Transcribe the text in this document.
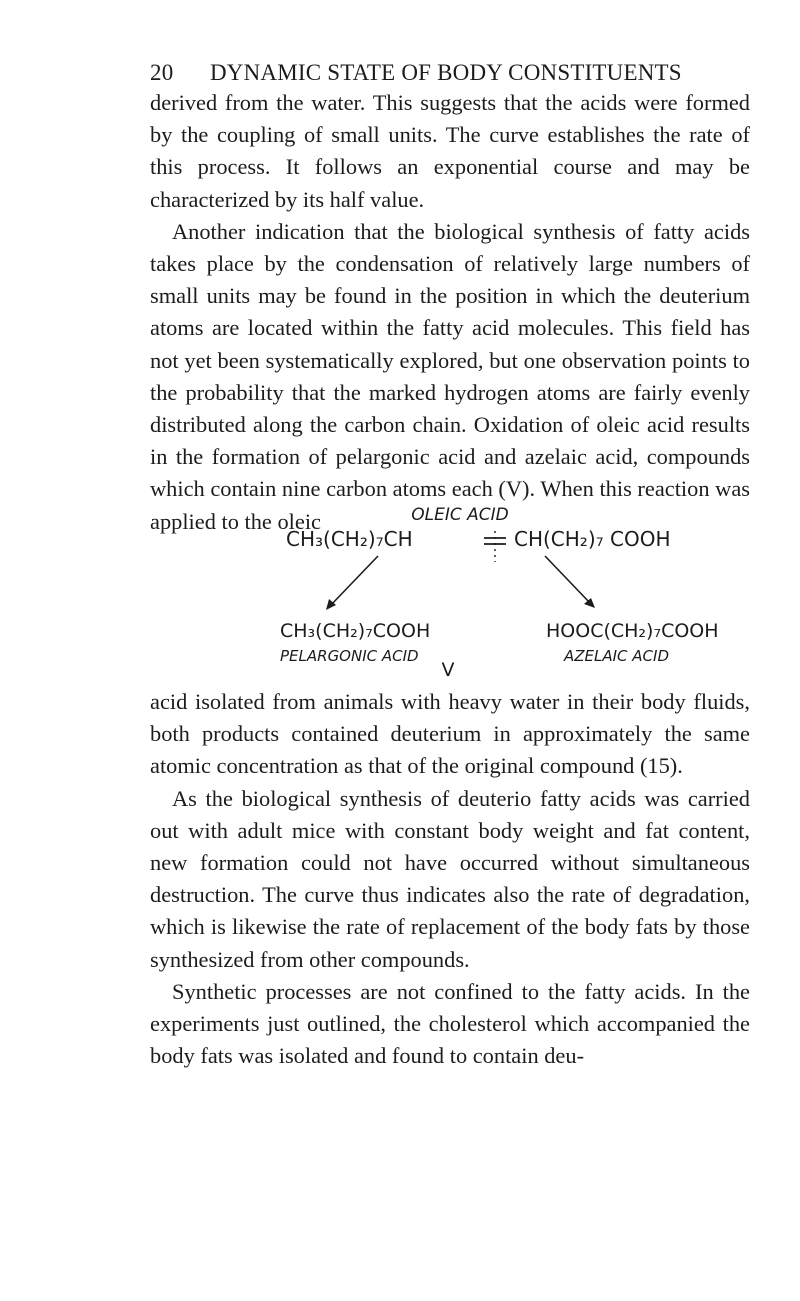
20 DYNAMIC STATE OF BODY CONSTITUENTS

derived from the water. This suggests that the acids were formed by the coupling of small units. The curve establishes the rate of this process. It follows an exponential course and may be characterized by its half value.

Another indication that the biological synthesis of fatty acids takes place by the condensation of relatively large numbers of small units may be found in the position in which the deuterium atoms are located within the fatty acid molecules. This field has not yet been systematically explored, but one observation points to the probability that the marked hydrogen atoms are fairly evenly distributed along the carbon chain. Oxidation of oleic acid results in the formation of pelargonic acid and azelaic acid, compounds which contain nine carbon atoms each (V). When this reaction was applied to the oleic	OLEIC ACID
CH₃(CH₂)₇CH	CH(CH₂)₇ COOH
CH₃(CH₂)₇COOH
PELARGONIC ACID
HOOC(CH₂)₇COOH
AZELAIC ACID
V

acid isolated from animals with heavy water in their body fluids, both products contained deuterium in approximately the same atomic concentration as that of the original compound (15).

As the biological synthesis of deuterio fatty acids was carried out with adult mice with constant body weight and fat content, new formation could not have occurred without simultaneous destruction. The curve thus indicates also the rate of degradation, which is likewise the rate of replacement of the body fats by those synthesized from other compounds.

Synthetic processes are not confined to the fatty acids. In the experiments just outlined, the cholesterol which accompanied the body fats was isolated and found to contain deu-
